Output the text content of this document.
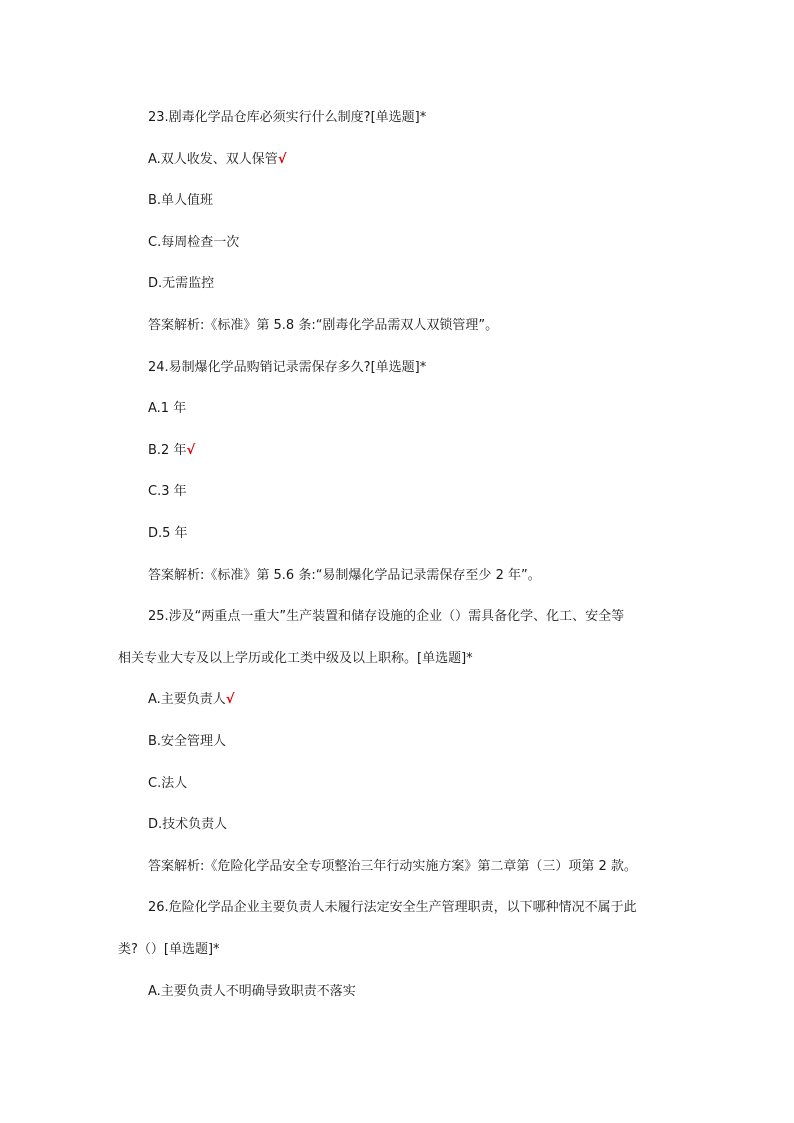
23.剧毒化学品仓库必须实行什么制度?[单选题]*
A.双人收发、双人保管√
B.单人值班
C.每周检查一次
D.无需监控
答案解析:《标准》第 5.8 条:“剧毒化学品需双人双锁管理”。
24.易制爆化学品购销记录需保存多久?[单选题]*
A.1 年
B.2 年√
C.3 年
D.5 年
答案解析:《标准》第 5.6 条:“易制爆化学品记录需保存至少 2 年”。
25.涉及“两重点一重大”生产装置和储存设施的企业（）需具备化学、化工、安全等
相关专业大专及以上学历或化工类中级及以上职称。[单选题]*
A.主要负责人√
B.安全管理人
C.法人
D.技术负责人
答案解析:《危险化学品安全专项整治三年行动实施方案》第二章第（三）项第 2 款。
26.危险化学品企业主要负责人未履行法定安全生产管理职责，以下哪种情况不属于此
类?（）[单选题]*
A.主要负责人不明确导致职责不落实
